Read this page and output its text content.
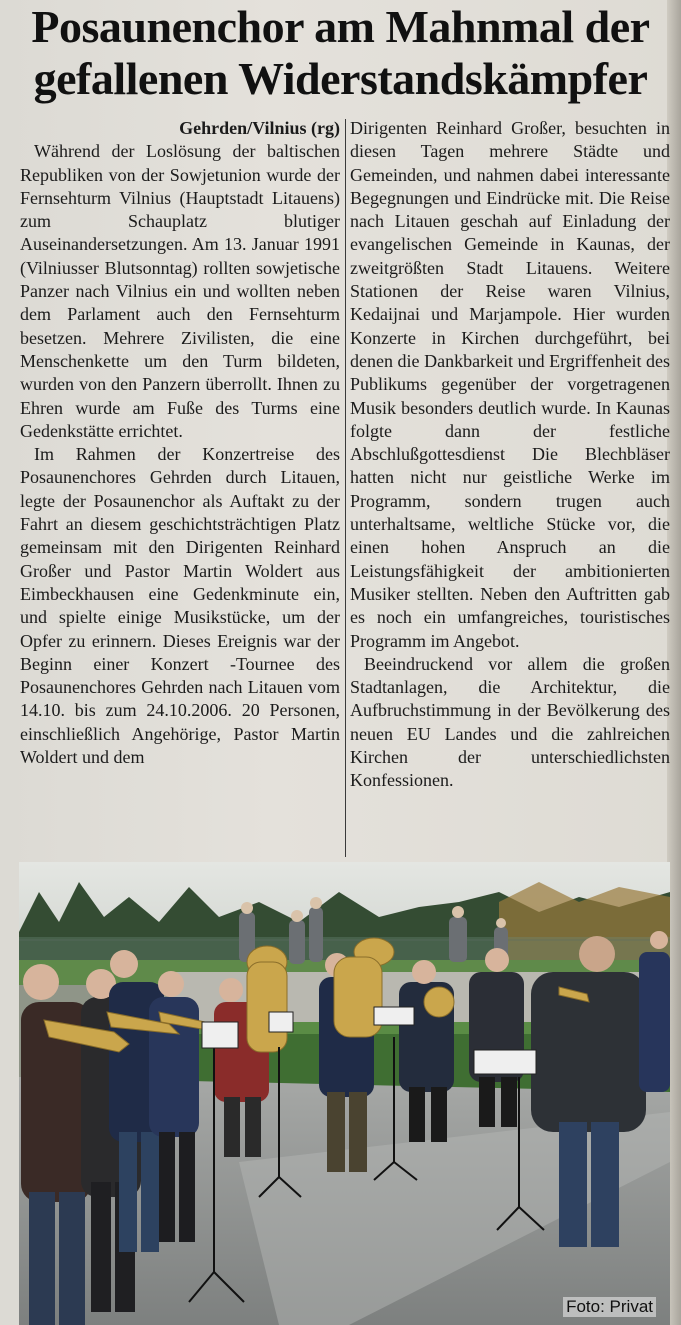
Posaunenchor am Mahnmal der
gefallenen Widerstandskämpfer
Gehrden/Vilnius (rg)

Während der Loslösung der baltischen Republiken von der Sowjetunion wurde der Fernsehturm Vilnius (Hauptstadt Litauens) zum Schauplatz blutiger Auseinandersetzungen. Am 13. Januar 1991 (Vilniusser Blutsonntag) rollten sowjetische Panzer nach Vilnius ein und wollten neben dem Parlament auch den Fernsehturm besetzen. Mehrere Zivilisten, die eine Menschenkette um den Turm bildeten, wurden von den Panzern überrollt. Ihnen zu Ehren wurde am Fuße des Turms eine Gedenkstätte errichtet.

Im Rahmen der Konzertreise des Posaunenchores Gehrden durch Litauen, legte der Posaunenchor als Auftakt zu der Fahrt an diesem geschichtsträchtigen Platz gemeinsam mit den Dirigenten Reinhard Großer und Pastor Martin Woldert aus Eimbeckhausen eine Gedenkminute ein, und spielte einige Musikstücke, um der Opfer zu erinnern. Dieses Ereignis war der Beginn einer Konzert -Tournee des Posaunenchores Gehrden nach Litauen vom 14.10. bis zum 24.10.2006. 20 Personen, einschließlich Angehörige, Pastor Martin Woldert und dem

Dirigenten Reinhard Großer, besuchten in diesen Tagen mehrere Städte und Gemeinden, und nahmen dabei interessante Begegnungen und Eindrücke mit. Die Reise nach Litauen geschah auf Einladung der evangelischen Gemeinde in Kaunas, der zweitgrößten Stadt Litauens. Weitere Stationen der Reise waren Vilnius, Kedaijnai und Marjampole. Hier wurden Konzerte in Kirchen durchgeführt, bei denen die Dankbarkeit und Ergriffenheit des Publikums gegenüber der vorgetragenen Musik besonders deutlich wurde. In Kaunas folgte dann der festliche Abschlußgottesdienst Die Blechbläser hatten nicht nur geistliche Werke im Programm, sondern trugen auch unterhaltsame, weltliche Stücke vor, die einen hohen Anspruch an die Leistungsfähigkeit der ambitionierten Musiker stellten. Neben den Auftritten gab es noch ein umfangreiches, touristisches Programm im Angebot.

Beeindruckend vor allem die großen Stadtanlagen, die Architektur, die Aufbruchstimmung in der Bevölkerung des neuen EU Landes und die zahlreichen Kirchen der unterschiedlichsten Konfessionen.

Foto: Privat
